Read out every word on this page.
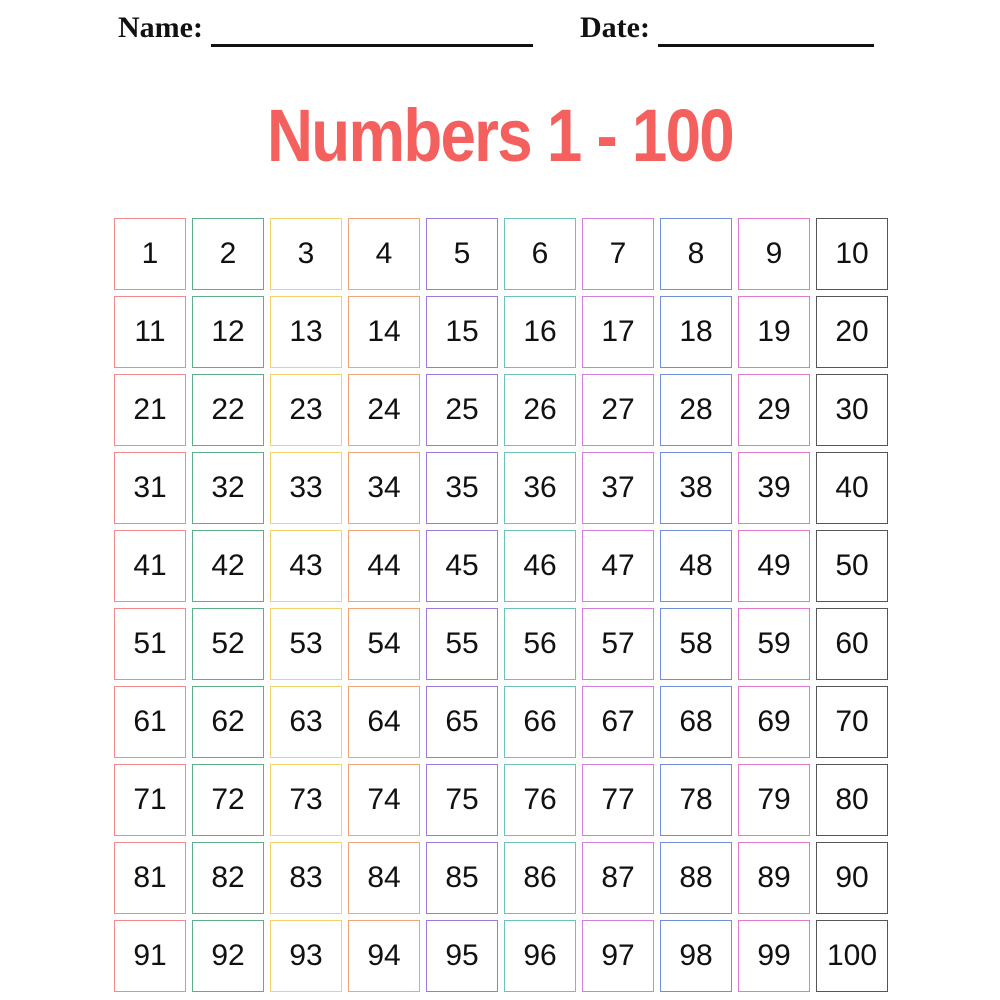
Name:	Date:
Numbers 1 - 100
1	2	3	4	5	6	7	8	9	10
11	12	13	14	15	16	17	18	19	20
21	22	23	24	25	26	27	28	29	30
31	32	33	34	35	36	37	38	39	40
41	42	43	44	45	46	47	48	49	50
51	52	53	54	55	56	57	58	59	60
61	62	63	64	65	66	67	68	69	70
71	72	73	74	75	76	77	78	79	80
81	82	83	84	85	86	87	88	89	90
91	92	93	94	95	96	97	98	99	100
